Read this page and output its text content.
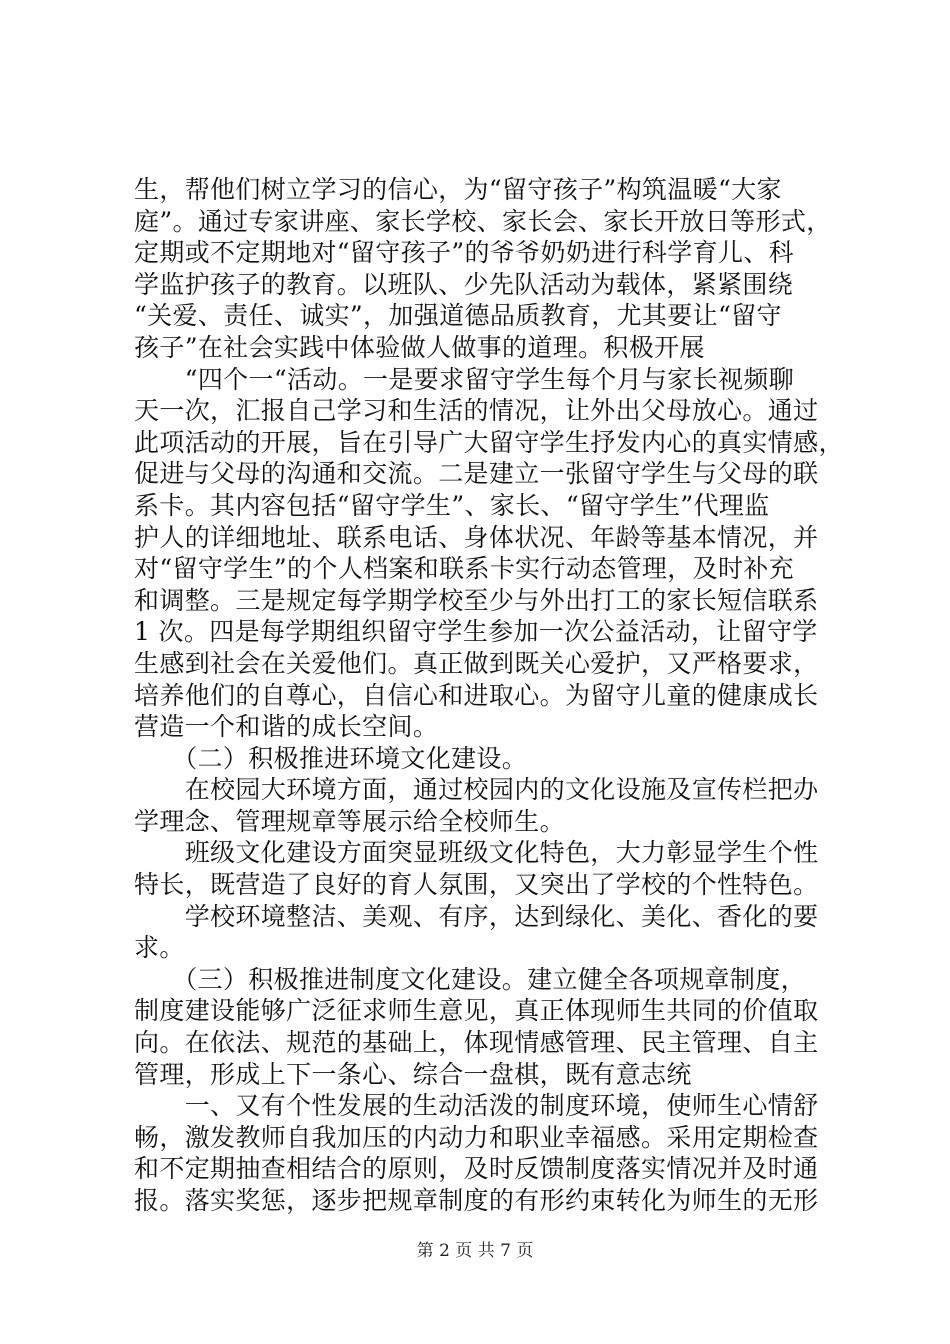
生，帮他们树立学习的信心，为“留守孩子”构筑温暖“大家
庭”。通过专家讲座、家长学校、家长会、家长开放日等形式，
定期或不定期地对“留守孩子”的爷爷奶奶进行科学育儿、科
学监护孩子的教育。以班队、少先队活动为载体，紧紧围绕
“关爱、责任、诚实”，加强道德品质教育，尤其要让“留守
孩子”在社会实践中体验做人做事的道理。积极开展
　　“四个一“活动。一是要求留守学生每个月与家长视频聊
天一次，汇报自己学习和生活的情况，让外出父母放心。通过
此项活动的开展，旨在引导广大留守学生抒发内心的真实情感，
促进与父母的沟通和交流。二是建立一张留守学生与父母的联
系卡。其内容包括“留守学生”、家长、“留守学生”代理监
护人的详细地址、联系电话、身体状况、年龄等基本情况，并
对“留守学生”的个人档案和联系卡实行动态管理，及时补充
和调整。三是规定每学期学校至少与外出打工的家长短信联系
1 次。四是每学期组织留守学生参加一次公益活动，让留守学
生感到社会在关爱他们。真正做到既关心爱护，又严格要求，
培养他们的自尊心，自信心和进取心。为留守儿童的健康成长
营造一个和谐的成长空间。
　　（二）积极推进环境文化建设。
　　在校园大环境方面，通过校园内的文化设施及宣传栏把办
学理念、管理规章等展示给全校师生。
　　班级文化建设方面突显班级文化特色，大力彰显学生个性
特长，既营造了良好的育人氛围，又突出了学校的个性特色。
　　学校环境整洁、美观、有序，达到绿化、美化、香化的要
求。
　　（三）积极推进制度文化建设。建立健全各项规章制度，
制度建设能够广泛征求师生意见，真正体现师生共同的价值取
向。在依法、规范的基础上，体现情感管理、民主管理、自主
管理，形成上下一条心、综合一盘棋，既有意志统
　　一、又有个性发展的生动活泼的制度环境，使师生心情舒
畅，激发教师自我加压的内动力和职业幸福感。采用定期检查
和不定期抽查相结合的原则，及时反馈制度落实情况并及时通
报。落实奖惩，逐步把规章制度的有形约束转化为师生的无形
第 2 页 共 7 页
